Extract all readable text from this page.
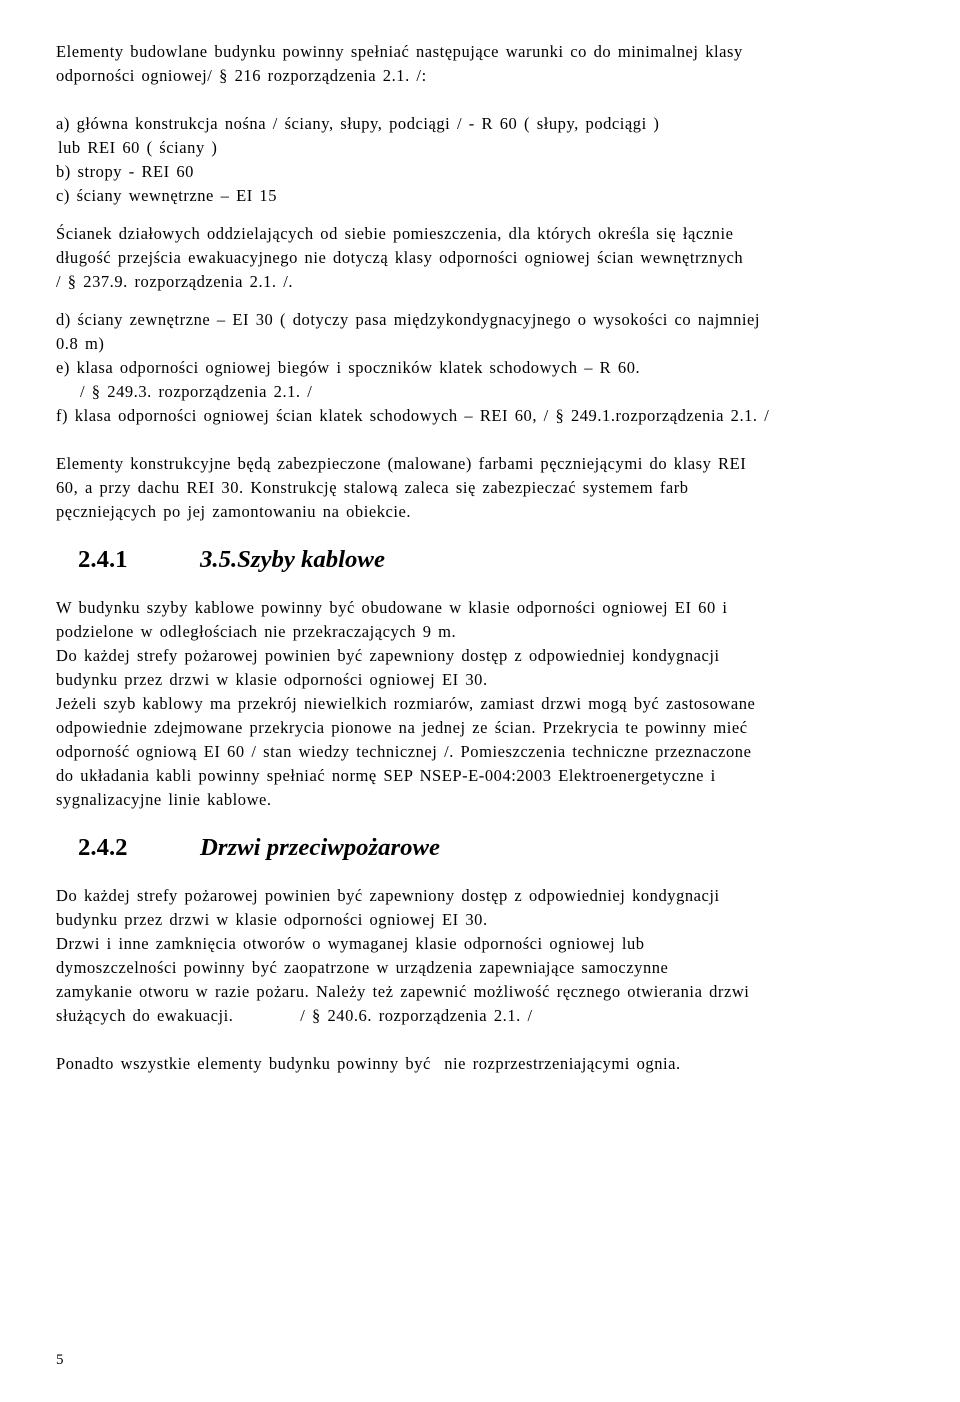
Elementy budowlane budynku powinny spełniać następujące warunki co do minimalnej klasy

odporności ogniowej/ § 216 rozporządzenia 2.1. /:

a) główna konstrukcja nośna / ściany, słupy, podciągi / - R 60 ( słupy, podciągi )

lub REI 60 ( ściany )

b) stropy - REI 60

c) ściany wewnętrzne – EI 15

Ścianek działowych oddzielających od siebie pomieszczenia, dla których określa się łącznie

długość przejścia ewakuacyjnego nie dotyczą klasy odporności ogniowej ścian wewnętrznych

/ § 237.9. rozporządzenia 2.1. /.

d) ściany zewnętrzne – EI 30 ( dotyczy pasa międzykondygnacyjnego o wysokości co najmniej

0.8 m)

e) klasa odporności ogniowej biegów i spoczników klatek schodowych – R 60.

/ § 249.3. rozporządzenia 2.1. /

f) klasa odporności ogniowej ścian klatek schodowych – REI 60, / § 249.1.rozporządzenia 2.1. /

Elementy konstrukcyjne będą zabezpieczone (malowane) farbami pęczniejącymi do klasy REI

60, a przy dachu REI 30. Konstrukcję stalową zaleca się zabezpieczać systemem farb

pęczniejących po jej zamontowaniu na obiekcie.

2.4.1	3.5.Szyby kablowe

W budynku szyby kablowe powinny być obudowane w klasie odporności ogniowej EI 60 i

podzielone w odległościach nie przekraczających 9 m.

Do każdej strefy pożarowej powinien być zapewniony dostęp z odpowiedniej kondygnacji

budynku przez drzwi w klasie odporności ogniowej EI 30.

Jeżeli szyb kablowy ma przekrój niewielkich rozmiarów, zamiast drzwi mogą być zastosowane

odpowiednie zdejmowane przekrycia pionowe na jednej ze ścian. Przekrycia te powinny mieć

odporność ogniową EI 60 / stan wiedzy technicznej /. Pomieszczenia techniczne przeznaczone

do układania kabli powinny spełniać normę SEP NSEP-E-004:2003 Elektroenergetyczne i

sygnalizacyjne linie kablowe.

2.4.2	Drzwi przeciwpożarowe

Do każdej strefy pożarowej powinien być zapewniony dostęp z odpowiedniej kondygnacji

budynku przez drzwi w klasie odporności ogniowej EI 30.

Drzwi i inne zamknięcia otworów o wymaganej klasie odporności ogniowej lub

dymoszczelności powinny być zaopatrzone w urządzenia zapewniające samoczynne

zamykanie otworu w razie pożaru. Należy też zapewnić możliwość ręcznego otwierania drzwi

służących do ewakuacji.          / § 240.6. rozporządzenia 2.1. /

Ponadto wszystkie elementy budynku powinny być  nie rozprzestrzeniającymi ognia.

5
